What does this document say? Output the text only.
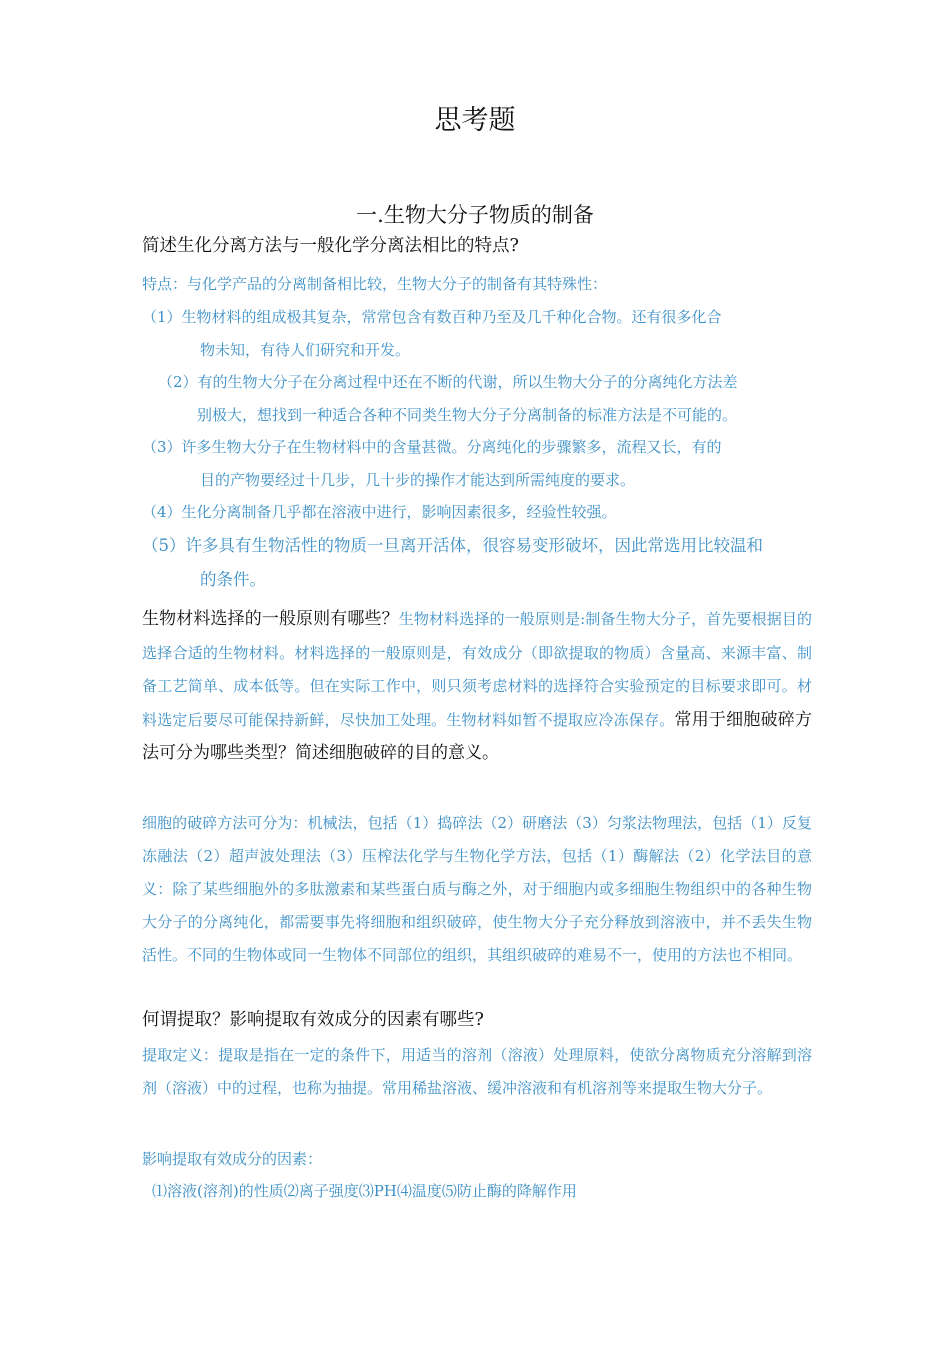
思考题
一.生物大分子物质的制备
简述生化分离方法与一般化学分离法相比的特点?
特点：与化学产品的分离制备相比较，生物大分子的制备有其特殊性：
（1）生物材料的组成极其复杂，常常包含有数百种乃至及几千种化合物。还有很多化合
物未知，有待人们研究和开发。
（2）有的生物大分子在分离过程中还在不断的代谢，所以生物大分子的分离纯化方法差
别极大，想找到一种适合各种不同类生物大分子分离制备的标准方法是不可能的。
（3）许多生物大分子在生物材料中的含量甚微。分离纯化的步骤繁多，流程又长，有的
目的产物要经过十几步，几十步的操作才能达到所需纯度的要求。
（4）生化分离制备几乎都在溶液中进行，影响因素很多，经验性较强。
（5）许多具有生物活性的物质一旦离开活体，很容易变形破坏，因此常选用比较温和
的条件。
生物材料选择的一般原则有哪些？生物材料选择的一般原则是:制备生物大分子，首先要根据目的选择合适的生物材料。材料选择的一般原则是，有效成分（即欲提取的物质）含量高、来源丰富、制备工艺简单、成本低等。但在实际工作中，则只须考虑材料的选择符合实验预定的目标要求即可。材料选定后要尽可能保持新鲜，尽快加工处理。生物材料如暂不提取应冷冻保存。常用于细胞破碎方法可分为哪些类型？简述细胞破碎的目的意义。
细胞的破碎方法可分为：机械法，包括（1）捣碎法（2）研磨法（3）匀浆法物理法，包括（1）反复冻融法（2）超声波处理法（3）压榨法化学与生物化学方法，包括（1）酶解法（2）化学法目的意义：除了某些细胞外的多肽激素和某些蛋白质与酶之外，对于细胞内或多细胞生物组织中的各种生物大分子的分离纯化，都需要事先将细胞和组织破碎，使生物大分子充分释放到溶液中，并不丢失生物活性。不同的生物体或同一生物体不同部位的组织，其组织破碎的难易不一，使用的方法也不相同。
何谓提取？影响提取有效成分的因素有哪些?
提取定义：提取是指在一定的条件下，用适当的溶剂（溶液）处理原料，使欲分离物质充分溶解到溶剂（溶液）中的过程，也称为抽提。常用稀盐溶液、缓冲溶液和有机溶剂等来提取生物大分子。
影响提取有效成分的因素：
⑴溶液(溶剂)的性质⑵离子强度⑶PH⑷温度⑸防止酶的降解作用
